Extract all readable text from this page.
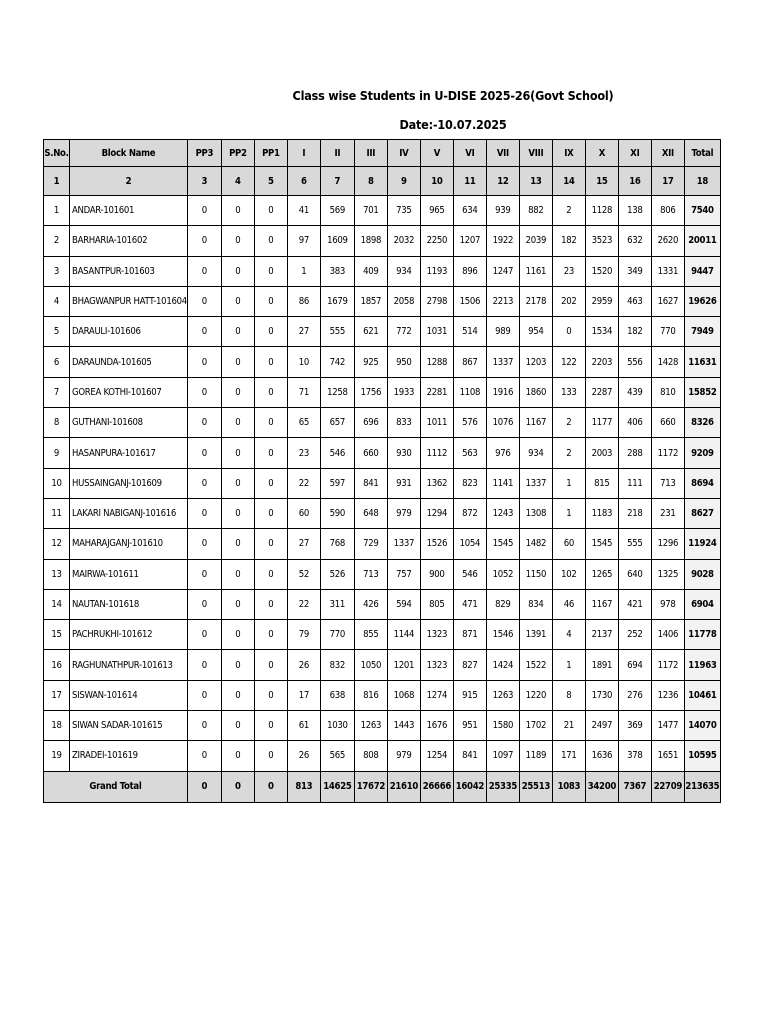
Class wise Students in U-DISE 2025-26(Govt School)
Date:-10.07.2025
S.No.	Block Name	PP3	PP2	PP1	I	II	III	IV	V	VI	VII	VIII	IX	X	XI	XII	Total
1	2	3	4	5	6	7	8	9	10	11	12	13	14	15	16	17	18
1	ANDAR-101601	0	0	0	41	569	701	735	965	634	939	882	2	1128	138	806	7540
2	BARHARIA-101602	0	0	0	97	1609	1898	2032	2250	1207	1922	2039	182	3523	632	2620	20011
3	BASANTPUR-101603	0	0	0	1	383	409	934	1193	896	1247	1161	23	1520	349	1331	9447
4	BHAGWANPUR HATT-101604	0	0	0	86	1679	1857	2058	2798	1506	2213	2178	202	2959	463	1627	19626
5	DARAULI-101606	0	0	0	27	555	621	772	1031	514	989	954	0	1534	182	770	7949
6	DARAUNDA-101605	0	0	0	10	742	925	950	1288	867	1337	1203	122	2203	556	1428	11631
7	GOREA KOTHI-101607	0	0	0	71	1258	1756	1933	2281	1108	1916	1860	133	2287	439	810	15852
8	GUTHANI-101608	0	0	0	65	657	696	833	1011	576	1076	1167	2	1177	406	660	8326
9	HASANPURA-101617	0	0	0	23	546	660	930	1112	563	976	934	2	2003	288	1172	9209
10	HUSSAINGANJ-101609	0	0	0	22	597	841	931	1362	823	1141	1337	1	815	111	713	8694
11	LAKARI NABIGANJ-101616	0	0	0	60	590	648	979	1294	872	1243	1308	1	1183	218	231	8627
12	MAHARAJGANJ-101610	0	0	0	27	768	729	1337	1526	1054	1545	1482	60	1545	555	1296	11924
13	MAIRWA-101611	0	0	0	52	526	713	757	900	546	1052	1150	102	1265	640	1325	9028
14	NAUTAN-101618	0	0	0	22	311	426	594	805	471	829	834	46	1167	421	978	6904
15	PACHRUKHI-101612	0	0	0	79	770	855	1144	1323	871	1546	1391	4	2137	252	1406	11778
16	RAGHUNATHPUR-101613	0	0	0	26	832	1050	1201	1323	827	1424	1522	1	1891	694	1172	11963
17	SISWAN-101614	0	0	0	17	638	816	1068	1274	915	1263	1220	8	1730	276	1236	10461
18	SIWAN SADAR-101615	0	0	0	61	1030	1263	1443	1676	951	1580	1702	21	2497	369	1477	14070
19	ZIRADEI-101619	0	0	0	26	565	808	979	1254	841	1097	1189	171	1636	378	1651	10595
Grand Total		0	0	0	813	14625	17672	21610	26666	16042	25335	25513	1083	34200	7367	22709	213635
